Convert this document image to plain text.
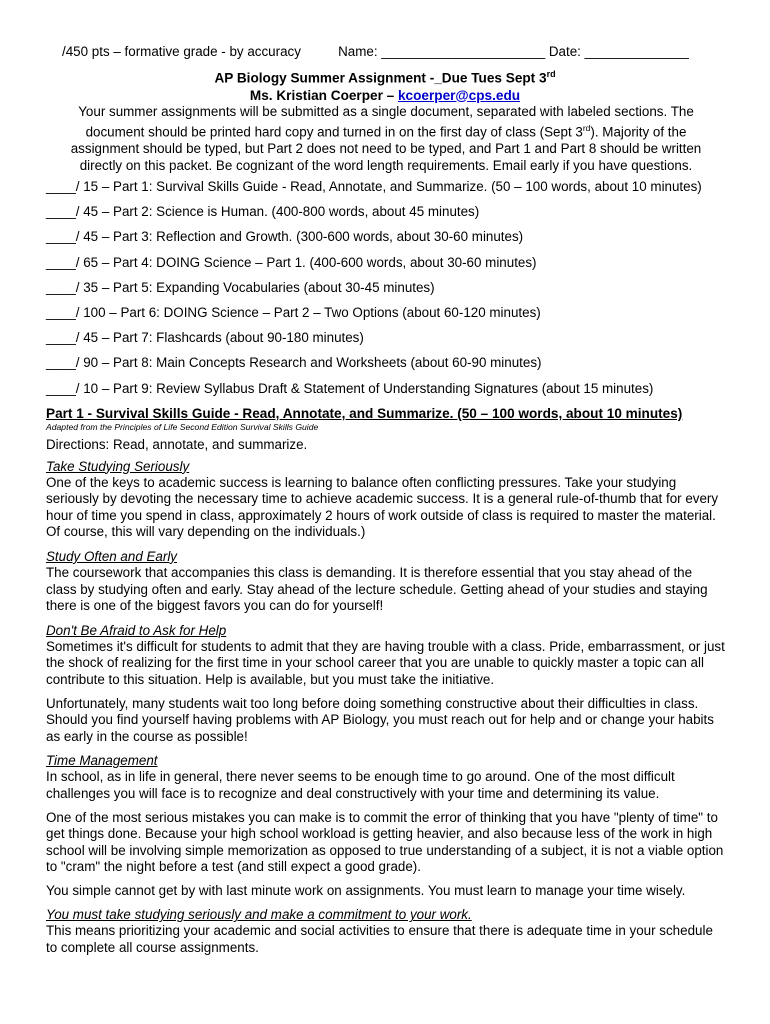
/450 pts – formative grade - by accuracy	Name: ______________________ Date: ______________
AP Biology Summer Assignment -_Due Tues Sept 3rd
Ms. Kristian Coerper – kcoerper@cps.edu
Your summer assignments will be submitted as a single document, separated with labeled sections. The document should be printed hard copy and turned in on the first day of class (Sept 3rd). Majority of the assignment should be typed, but Part 2 does not need to be typed, and Part 1 and Part 8 should be written directly on this packet. Be cognizant of the word length requirements. Email early if you have questions.
____/ 15 – Part 1: Survival Skills Guide - Read, Annotate, and Summarize. (50 – 100 words, about 10 minutes)
____/ 45 – Part 2: Science is Human. (400-800 words, about 45 minutes)
____/ 45 – Part 3: Reflection and Growth. (300-600 words, about 30-60 minutes)
____/ 65 – Part 4: DOING Science – Part 1. (400-600 words, about 30-60 minutes)
____/ 35 – Part 5: Expanding Vocabularies (about 30-45 minutes)
____/ 100 – Part 6: DOING Science – Part 2 – Two Options (about 60-120 minutes)
____/ 45 – Part 7: Flashcards (about 90-180 minutes)
____/ 90 – Part 8: Main Concepts Research and Worksheets (about 60-90 minutes)
____/ 10 – Part 9: Review Syllabus Draft & Statement of Understanding Signatures (about 15 minutes)
Part 1 - Survival Skills Guide - Read, Annotate, and Summarize. (50 – 100 words, about 10 minutes)
Adapted from the Principles of Life Second Edition Survival Skills Guide
Directions: Read, annotate, and summarize.
Take Studying Seriously

One of the keys to academic success is learning to balance often conflicting pressures. Take your studying seriously by devoting the necessary time to achieve academic success. It is a general rule-of-thumb that for every hour of time you spend in class, approximately 2 hours of work outside of class is required to master the material. Of course, this will vary depending on the individuals.)

Study Often and Early

The coursework that accompanies this class is demanding. It is therefore essential that you stay ahead of the class by studying often and early. Stay ahead of the lecture schedule. Getting ahead of your studies and staying there is one of the biggest favors you can do for yourself!

Don't Be Afraid to Ask for Help

Sometimes it's difficult for students to admit that they are having trouble with a class. Pride, embarrassment, or just the shock of realizing for the first time in your school career that you are unable to quickly master a topic can all contribute to this situation. Help is available, but you must take the initiative.

Unfortunately, many students wait too long before doing something constructive about their difficulties in class. Should you find yourself having problems with AP Biology, you must reach out for help and or change your habits as early in the course as possible!

Time Management

In school, as in life in general, there never seems to be enough time to go around. One of the most difficult challenges you will face is to recognize and deal constructively with your time and determining its value.

One of the most serious mistakes you can make is to commit the error of thinking that you have "plenty of time" to get things done. Because your high school workload is getting heavier, and also because less of the work in high school will be involving simple memorization as opposed to true understanding of a subject, it is not a viable option to "cram" the night before a test (and still expect a good grade).

You simple cannot get by with last minute work on assignments. You must learn to manage your time wisely.

You must take studying seriously and make a commitment to your work.

This means prioritizing your academic and social activities to ensure that there is adequate time in your schedule to complete all course assignments.
